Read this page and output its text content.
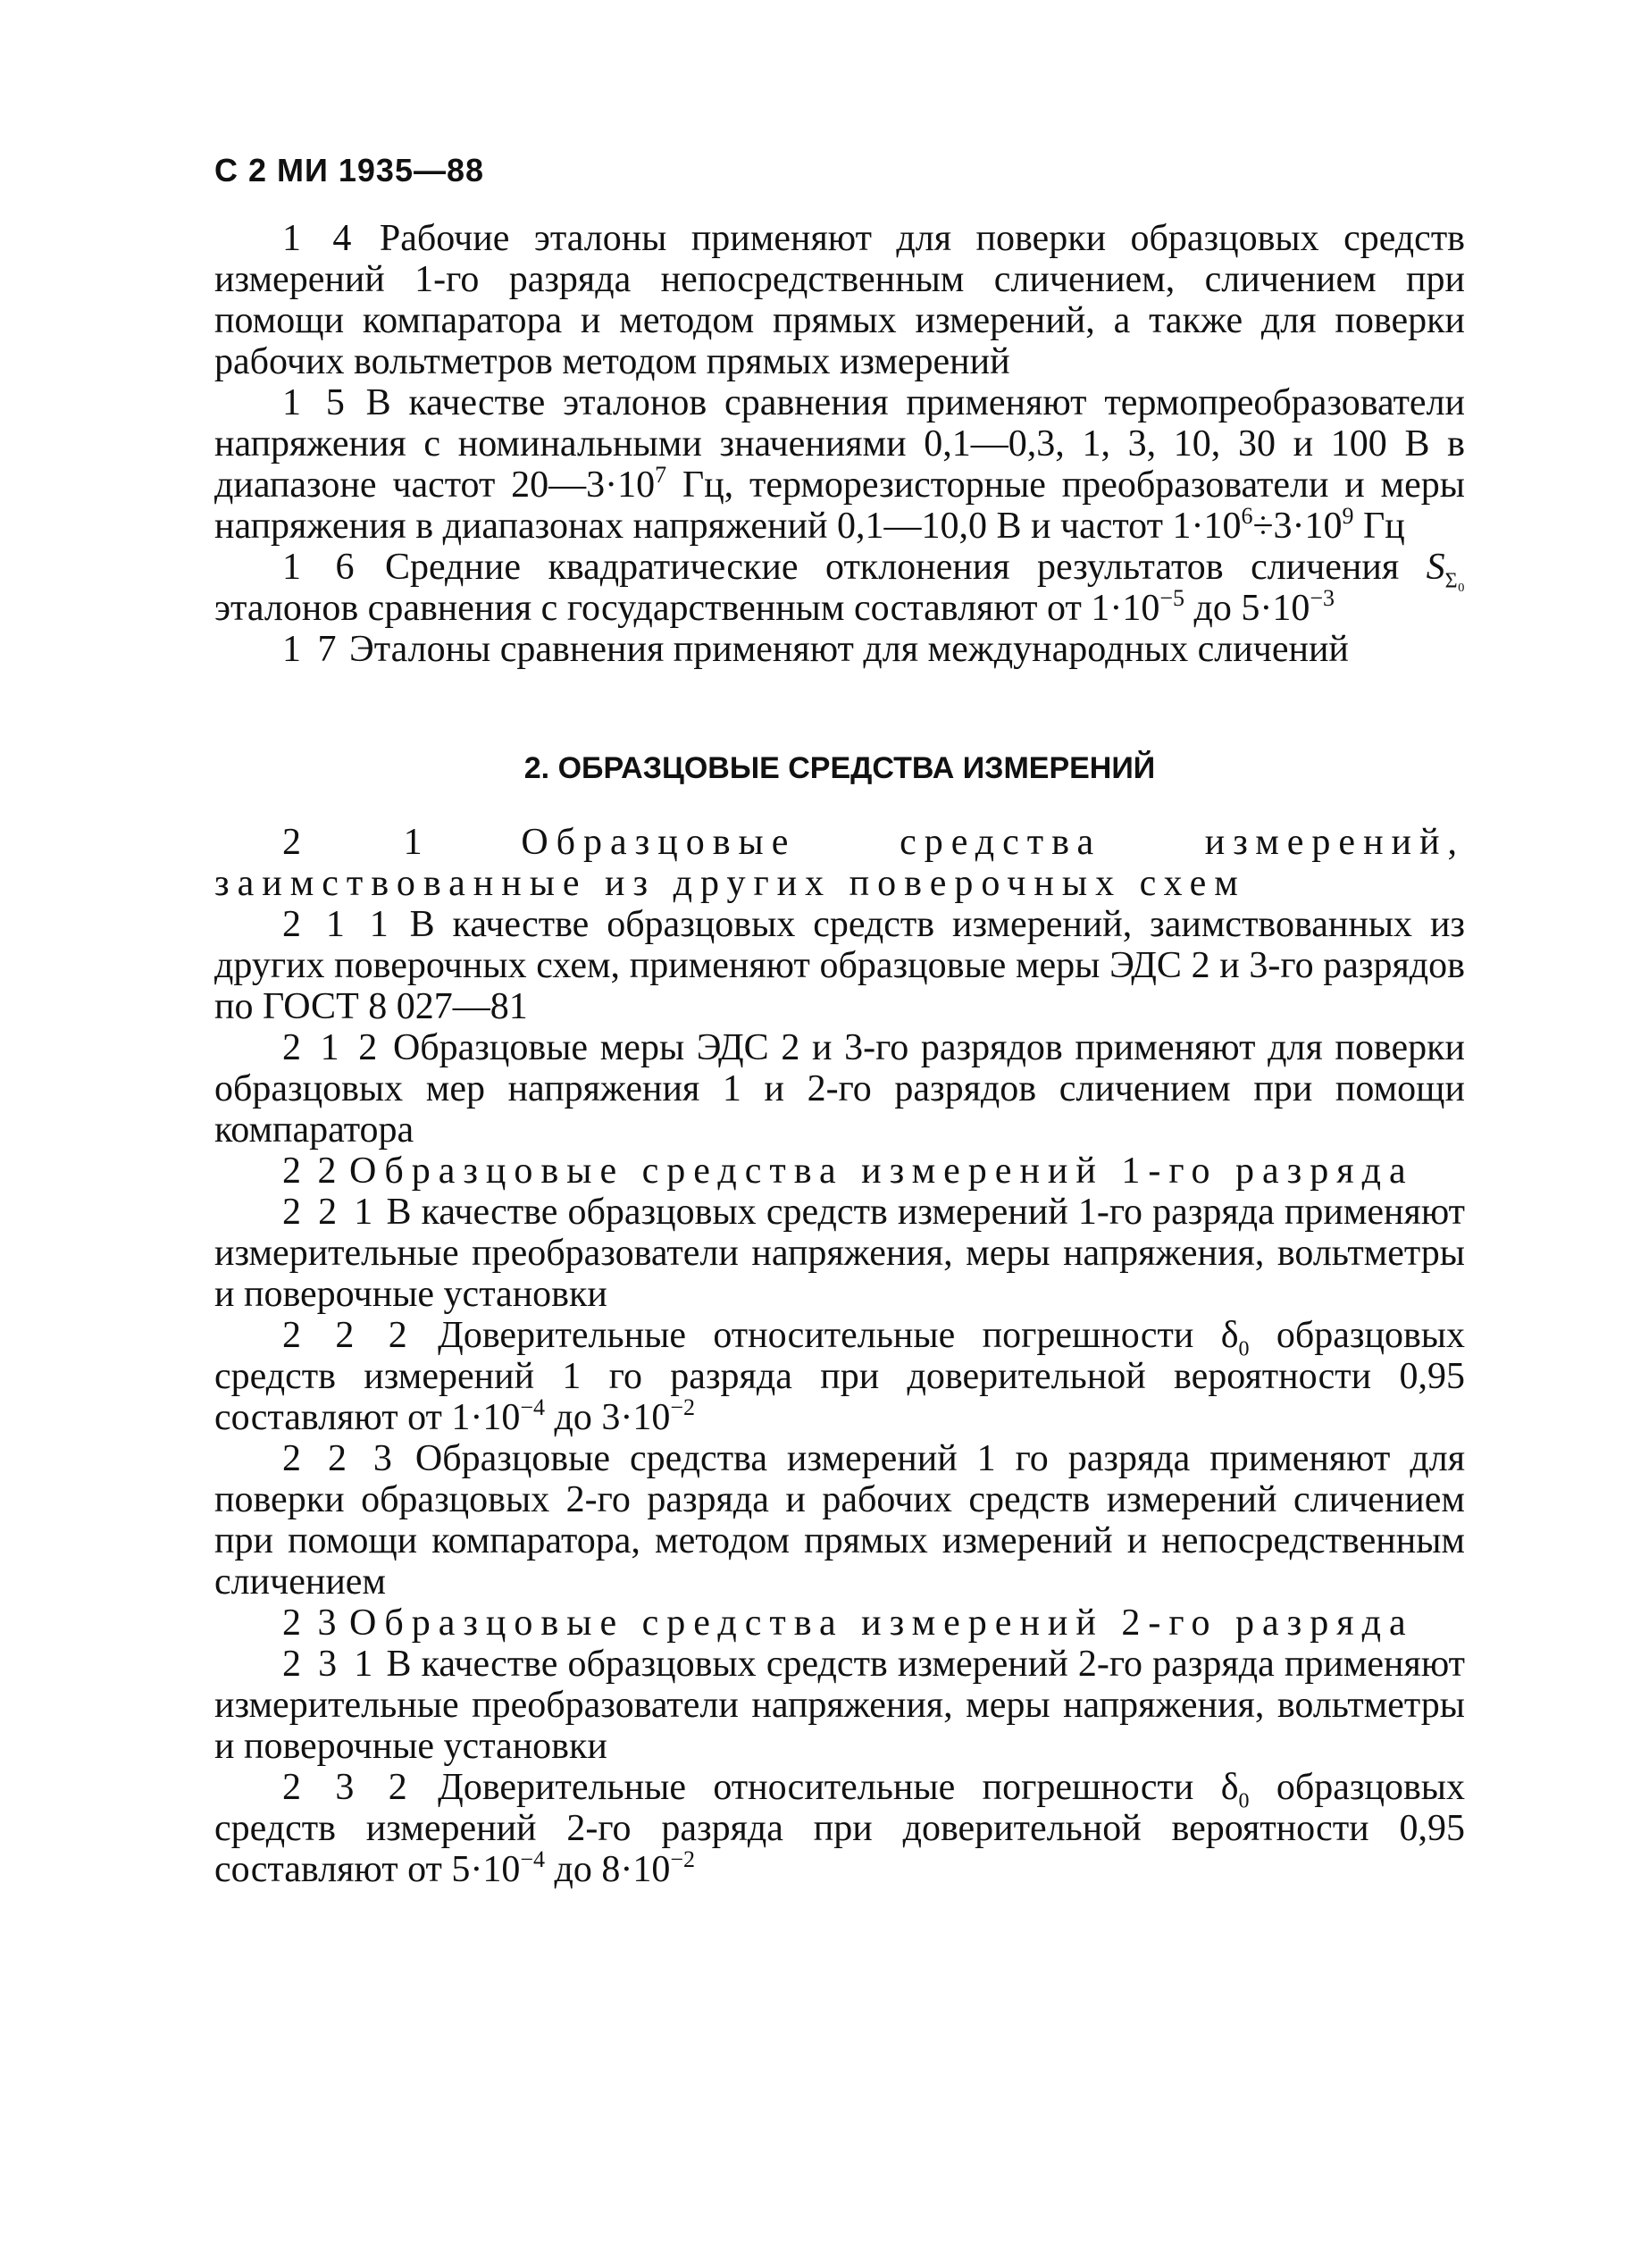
С 2 МИ 1935—88

1 4 Рабочие эталоны применяют для поверки образцовых средств измерений 1-го разряда непосредственным сличением, сличением при помощи компаратора и методом прямых измерений, а также для поверки рабочих вольтметров методом прямых измерений

1 5 В качестве эталонов сравнения применяют термопреобразователи напряжения с номинальными значениями 0,1—0,3, 1, 3, 10, 30 и 100 В в диапазоне частот $20—3\cdot 10^7$ Гц, терморезисторные преобразователи и меры напряжения в диапазонах напряжений 0,1—10,0 В и частот $1\cdot 10^6\div 3\cdot 10^9$ Гц

1 6 Средние квадратические отклонения результатов сличения $S_{\Sigma_0}$ эталонов сравнения с государственным составляют от $1\cdot 10^{-5}$ до $5\cdot 10^{-3}$

1 7 Эталоны сравнения применяют для международных сличений

2. ОБРАЗЦОВЫЕ СРЕДСТВА ИЗМЕРЕНИЙ

2 1	Образцовые средства измерений, заимствованные из других поверочных схем

2 1 1 В качестве образцовых средств измерений, заимствованных из других поверочных схем, применяют образцовые меры ЭДС 2 и 3-го разрядов по ГОСТ 8 027—81

2 1 2 Образцовые меры ЭДС 2 и 3-го разрядов применяют для поверки образцовых мер напряжения 1 и 2-го разрядов сличением при помощи компаратора

2 2 Образцовые средства измерений 1-го разряда

2 2 1 В качестве образцовых средств измерений 1-го разряда применяют измерительные преобразователи напряжения, меры напряжения, вольтметры и поверочные установки

2 2 2 Доверительные относительные погрешности $\delta_0$ образцовых средств измерений 1 го разряда при доверительной вероятности 0,95 составляют от $1\cdot 10^{-4}$ до $3\cdot 10^{-2}$

2 2 3 Образцовые средства измерений 1 го разряда применяют для поверки образцовых 2-го разряда и рабочих средств измерений сличением при помощи компаратора, методом прямых измерений и непосредственным сличением

2 3 Образцовые средства измерений 2-го разряда

2 3 1 В качестве образцовых средств измерений 2-го разряда применяют измерительные преобразователи напряжения, меры напряжения, вольтметры и поверочные установки

2 3 2 Доверительные относительные погрешности $\delta_0$ образцовых средств измерений 2-го разряда при доверительной вероятности 0,95 составляют от $5\cdot 10^{-4}$ до $8\cdot 10^{-2}$
